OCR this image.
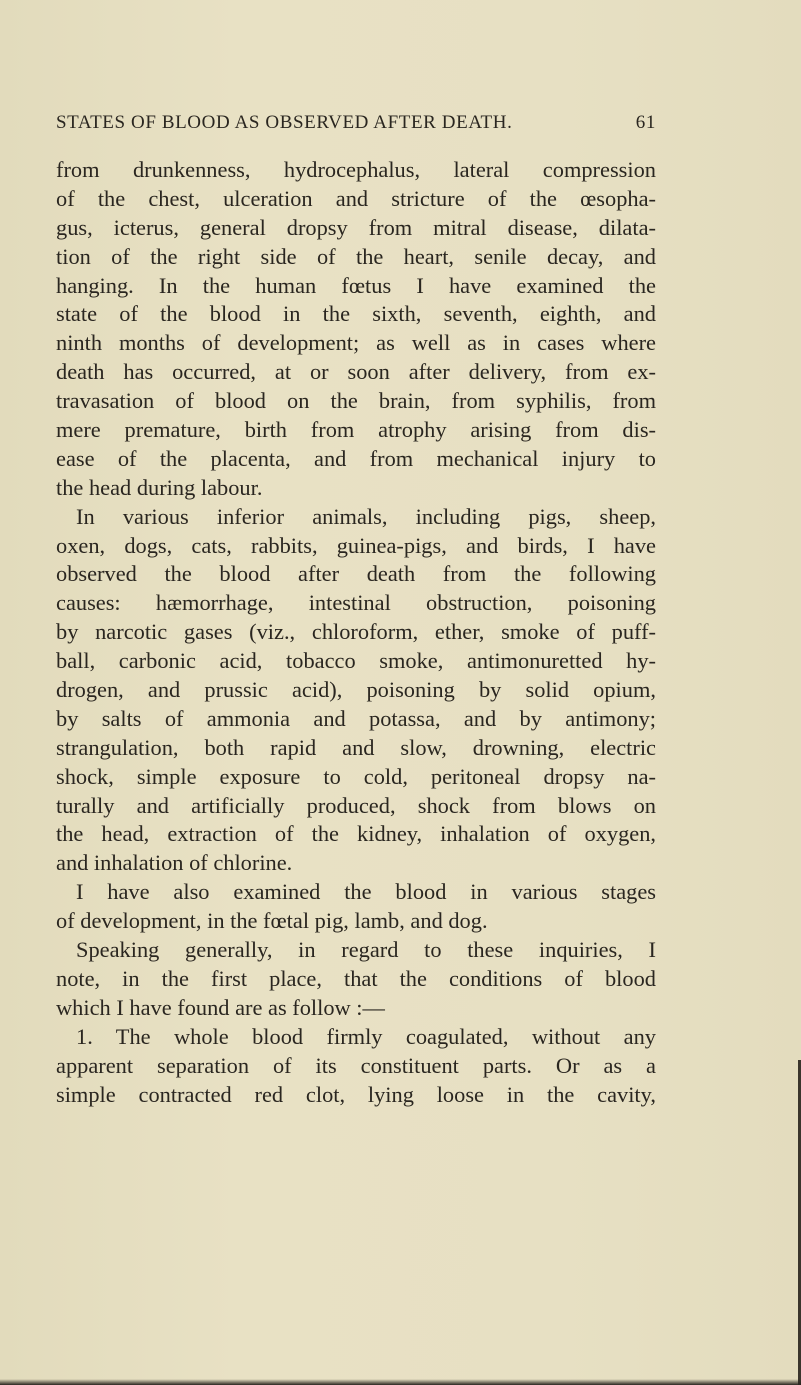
STATES OF BLOOD AS OBSERVED AFTER DEATH.	61
from drunkenness, hydrocephalus, lateral compression
of the chest, ulceration and stricture of the œsopha-
gus, icterus, general dropsy from mitral disease, dilata-
tion of the right side of the heart, senile decay, and
hanging. In the human fœtus I have examined the
state of the blood in the sixth, seventh, eighth, and
ninth months of development; as well as in cases where
death has occurred, at or soon after delivery, from ex-
travasation of blood on the brain, from syphilis, from
mere premature, birth from atrophy arising from dis-
ease of the placenta, and from mechanical injury to
the head during labour.
In various inferior animals, including pigs, sheep,
oxen, dogs, cats, rabbits, guinea-pigs, and birds, I have
observed the blood after death from the following
causes: hæmorrhage, intestinal obstruction, poisoning
by narcotic gases (viz., chloroform, ether, smoke of puff-
ball, carbonic acid, tobacco smoke, antimonuretted hy-
drogen, and prussic acid), poisoning by solid opium,
by salts of ammonia and potassa, and by antimony;
strangulation, both rapid and slow, drowning, electric
shock, simple exposure to cold, peritoneal dropsy na-
turally and artificially produced, shock from blows on
the head, extraction of the kidney, inhalation of oxygen,
and inhalation of chlorine.
I have also examined the blood in various stages
of development, in the fœtal pig, lamb, and dog.
Speaking generally, in regard to these inquiries, I
note, in the first place, that the conditions of blood
which I have found are as follow :—
1. The whole blood firmly coagulated, without any
apparent separation of its constituent parts. Or as a
simple contracted red clot, lying loose in the cavity,
